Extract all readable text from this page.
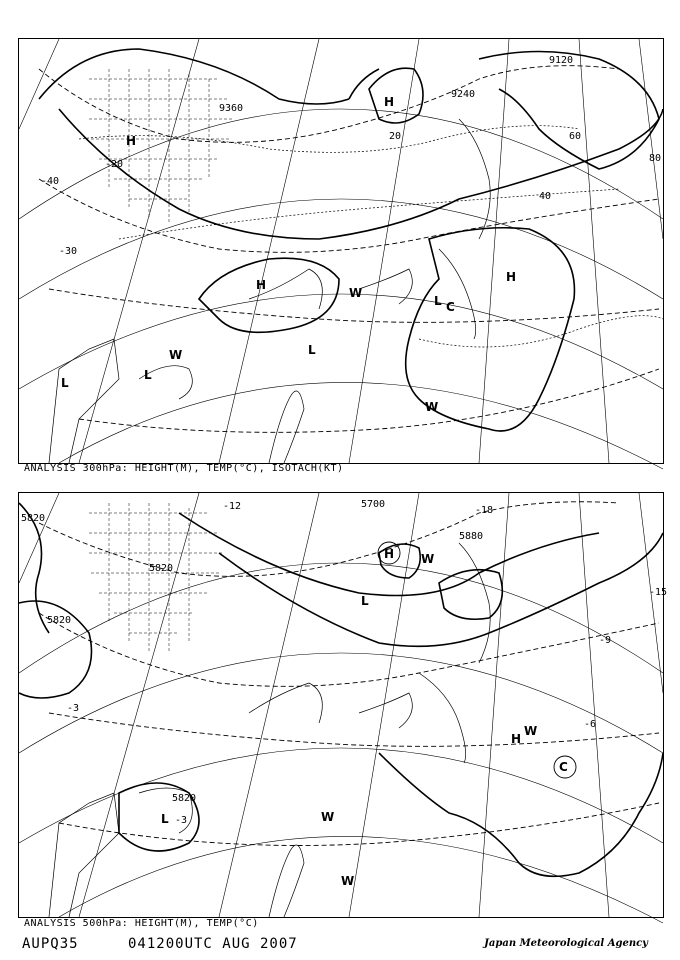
9120
9240
9360
20
40
60
80
-40
-30
-20
H
L
H
L
H
W
L C
W
L
H
W
ANALYSIS 300hPa: HEIGHT(M), TEMP(°C), ISOTACH(KT)
5820
5820
5820
5700
5880
5820
-12	-18
-15
-9
-6
-3
-3
H W
L
H
W
C
L	W
W
ANALYSIS 500hPa: HEIGHT(M), TEMP(°C)
AUPQ35	041200UTC AUG 2007	Japan Meteorological Agency
